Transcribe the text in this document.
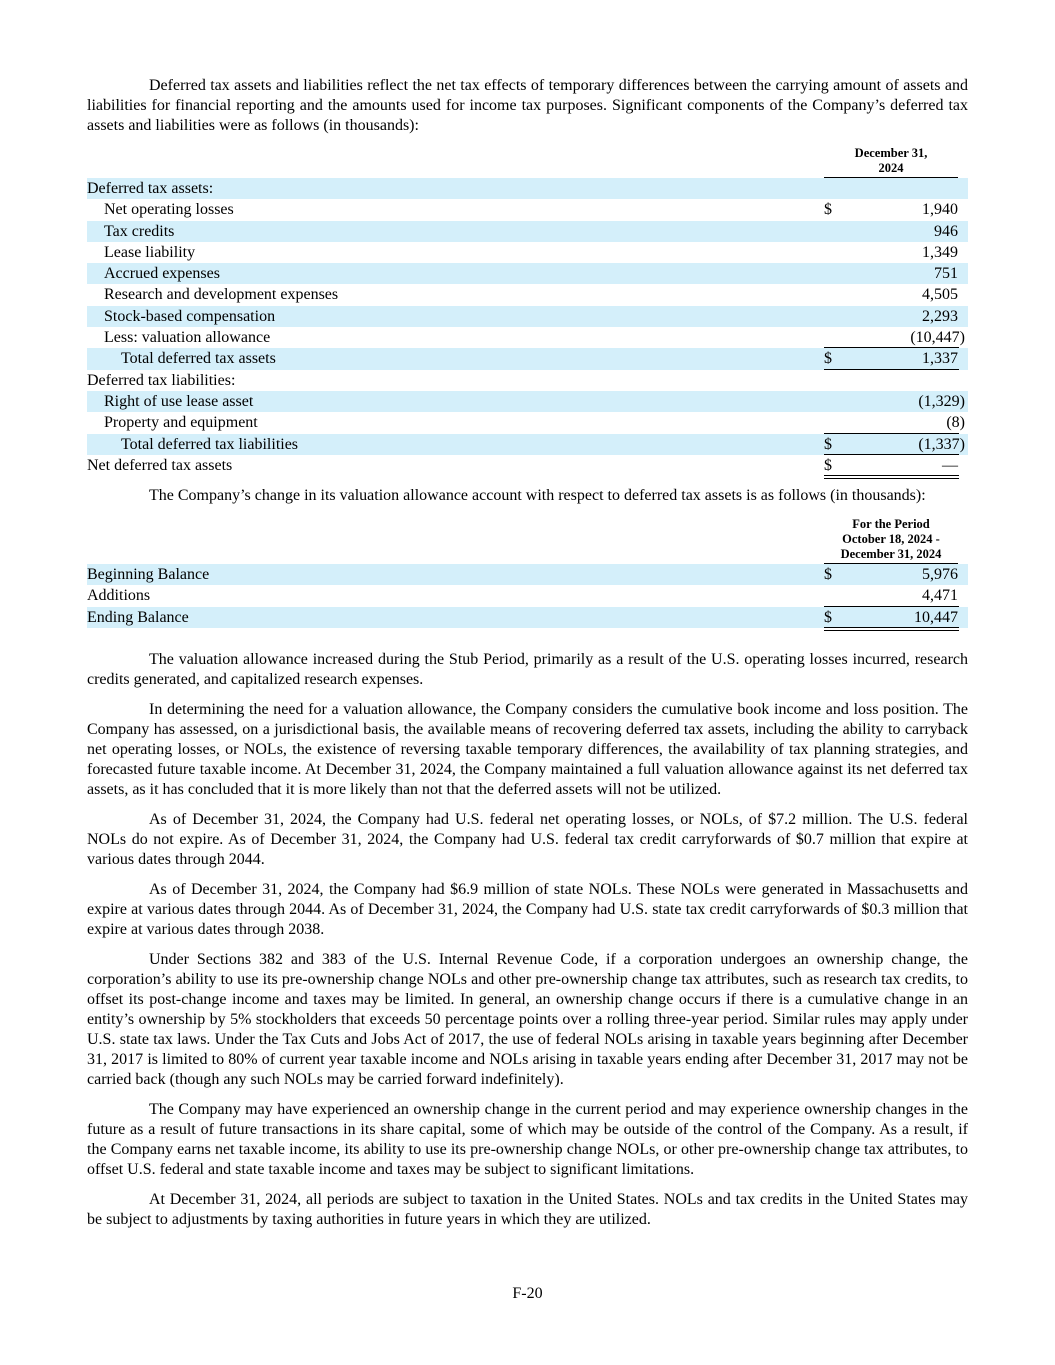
Deferred tax assets and liabilities reflect the net tax effects of temporary differences between the carrying amount of assets and liabilities for financial reporting and the amounts used for income tax purposes. Significant components of the Company’s deferred tax assets and liabilities were as follows (in thousands):

December 31,
2024
Deferred tax assets:
Net operating losses	$	1,940
Tax credits	946
Lease liability	1,349
Accrued expenses	751
Research and development expenses	4,505
Stock-based compensation	2,293
Less: valuation allowance	(10,447)
Total deferred tax assets	$	1,337
Deferred tax liabilities:
Right of use lease asset	(1,329)
Property and equipment	(8)
Total deferred tax liabilities	$	(1,337)
Net deferred tax assets	$	—

The Company’s change in its valuation allowance account with respect to deferred tax assets is as follows (in thousands):

For the Period
October 18, 2024 -
December 31, 2024
Beginning Balance	$	5,976
Additions	4,471
Ending Balance	$	10,447

The valuation allowance increased during the Stub Period, primarily as a result of the U.S. operating losses incurred, research credits generated, and capitalized research expenses.

In determining the need for a valuation allowance, the Company considers the cumulative book income and loss position. The Company has assessed, on a jurisdictional basis, the available means of recovering deferred tax assets, including the ability to carryback net operating losses, or NOLs, the existence of reversing taxable temporary differences, the availability of tax planning strategies, and forecasted future taxable income. At December 31, 2024, the Company maintained a full valuation allowance against its net deferred tax assets, as it has concluded that it is more likely than not that the deferred assets will not be utilized.

As of December 31, 2024, the Company had U.S. federal net operating losses, or NOLs, of $7.2 million. The U.S. federal NOLs do not expire. As of December 31, 2024, the Company had U.S. federal tax credit carryforwards of $0.7 million that expire at various dates through 2044.

As of December 31, 2024, the Company had $6.9 million of state NOLs. These NOLs were generated in Massachusetts and expire at various dates through 2044. As of December 31, 2024, the Company had U.S. state tax credit carryforwards of $0.3 million that expire at various dates through 2038.

Under Sections 382 and 383 of the U.S. Internal Revenue Code, if a corporation undergoes an ownership change, the corporation’s ability to use its pre-ownership change NOLs and other pre-ownership change tax attributes, such as research tax credits, to offset its post-change income and taxes may be limited. In general, an ownership change occurs if there is a cumulative change in an entity’s ownership by 5% stockholders that exceeds 50 percentage points over a rolling three-year period. Similar rules may apply under U.S. state tax laws. Under the Tax Cuts and Jobs Act of 2017, the use of federal NOLs arising in taxable years beginning after December 31, 2017 is limited to 80% of current year taxable income and NOLs arising in taxable years ending after December 31, 2017 may not be carried back (though any such NOLs may be carried forward indefinitely).

The Company may have experienced an ownership change in the current period and may experience ownership changes in the future as a result of future transactions in its share capital, some of which may be outside of the control of the Company. As a result, if the Company earns net taxable income, its ability to use its pre-ownership change NOLs, or other pre-ownership change tax attributes, to offset U.S. federal and state taxable income and taxes may be subject to significant limitations.

At December 31, 2024, all periods are subject to taxation in the United States. NOLs and tax credits in the United States may be subject to adjustments by taxing authorities in future years in which they are utilized.

F-20
